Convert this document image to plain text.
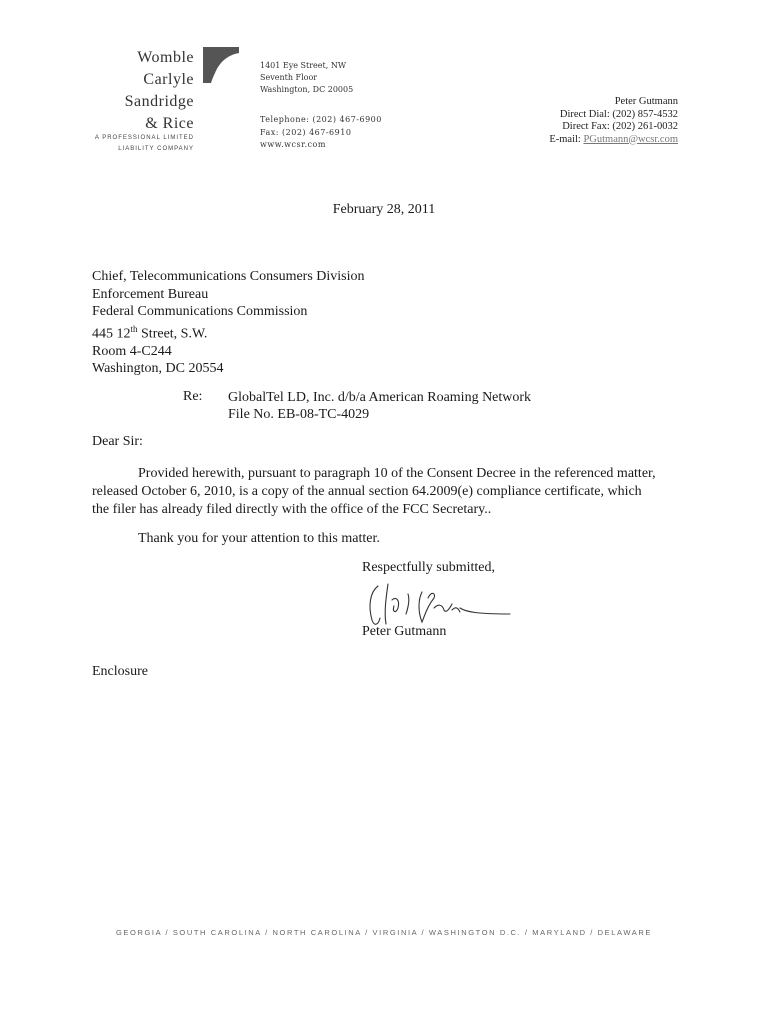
Womble
Carlyle
Sandridge
& Rice
A PROFESSIONAL LIMITED
LIABILITY COMPANY
1401 Eye Street, NW
Seventh Floor
Washington, DC 20005
Telephone: (202) 467-6900
Fax: (202) 467-6910
www.wcsr.com
Peter Gutmann
Direct Dial: (202) 857-4532
Direct Fax: (202) 261-0032
E-mail: PGutmann@wcsr.com
February 28, 2011
Chief, Telecommunications Consumers Division
Enforcement Bureau
Federal Communications Commission
445 12th Street, S.W.
Room 4-C244
Washington, DC 20554
Re: GlobalTel LD, Inc. d/b/a American Roaming Network
File No. EB-08-TC-4029
Dear Sir:
Provided herewith, pursuant to paragraph 10 of the Consent Decree in the referenced matter, released October 6, 2010, is a copy of the annual section 64.2009(e) compliance certificate, which the filer has already filed directly with the office of the FCC Secretary..
Thank you for your attention to this matter.
Respectfully submitted,
Peter Gutmann
Enclosure
GEORGIA / SOUTH CAROLINA / NORTH CAROLINA / VIRGINIA / WASHINGTON D.C. / MARYLAND / DELAWARE
